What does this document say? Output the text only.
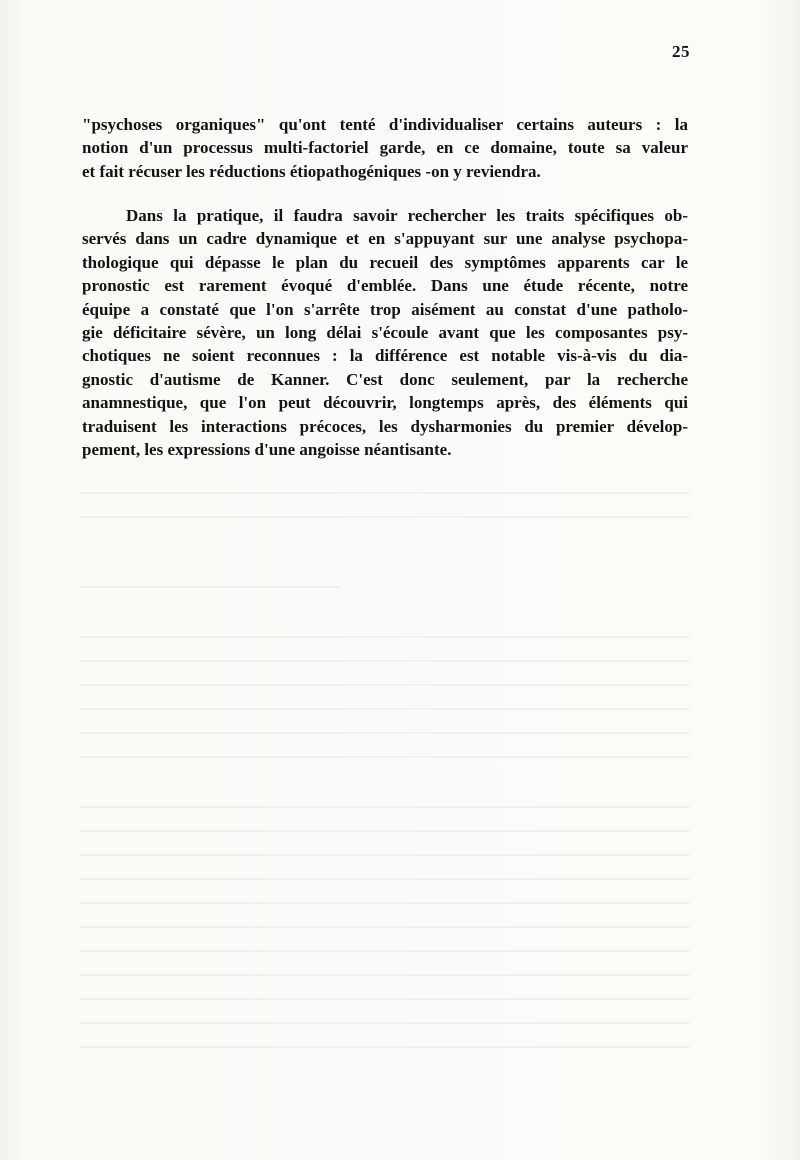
25
"psychoses organiques" qu'ont tenté d'individualiser certains auteurs : la
notion d'un processus multi-factoriel garde, en ce domaine, toute sa valeur
et fait récuser les réductions étiopathogéniques -on y reviendra.
Dans la pratique, il faudra savoir rechercher les traits spécifiques ob-
servés dans un cadre dynamique et en s'appuyant sur une analyse psychopa-
thologique qui dépasse le plan du recueil des symptômes apparents car le
pronostic est rarement évoqué d'emblée. Dans une étude récente, notre
équipe a constaté que l'on s'arrête trop aisément au constat d'une patholo-
gie déficitaire sévère, un long délai s'écoule avant que les composantes psy-
chotiques ne soient reconnues : la différence est notable vis-à-vis du dia-
gnostic d'autisme de Kanner. C'est donc seulement, par la recherche
anamnestique, que l'on peut découvrir, longtemps après, des éléments qui
traduisent les interactions précoces, les dysharmonies du premier dévelop-
pement, les expressions d'une angoisse néantisante.
